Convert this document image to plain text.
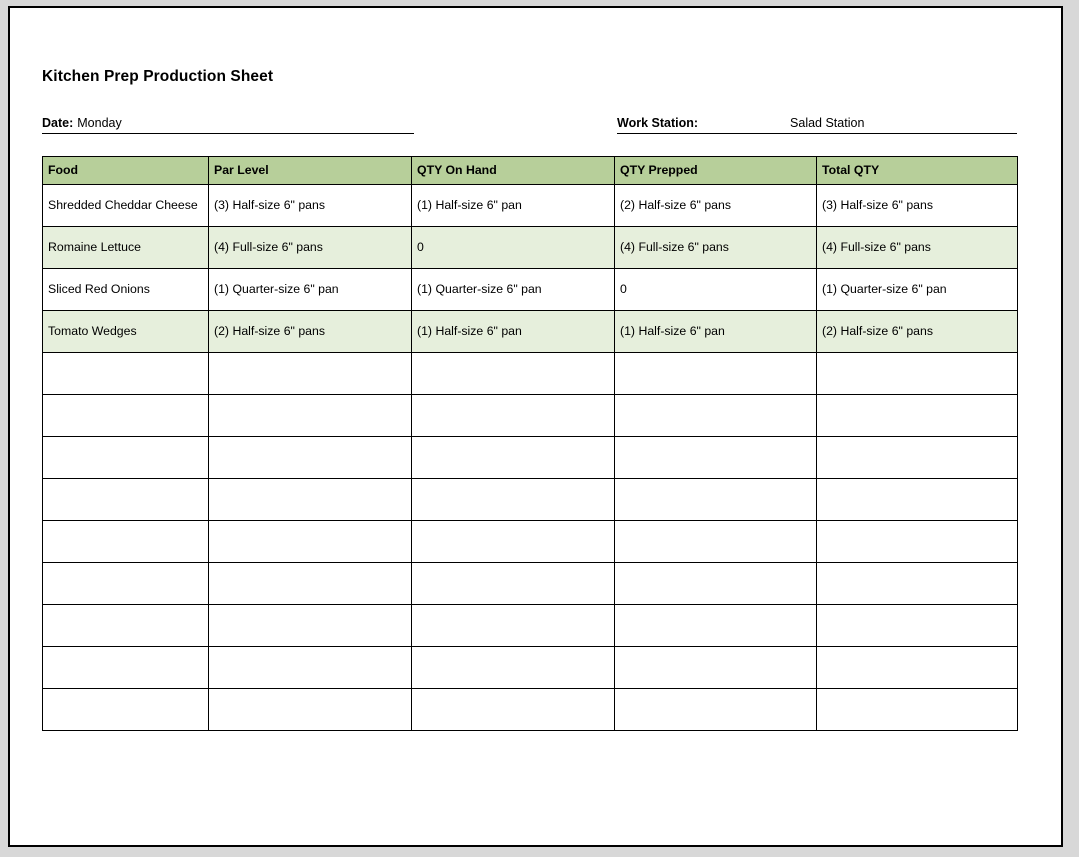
Kitchen Prep Production Sheet
Date: Monday	Work Station:	Salad Station
Food	Par Level	QTY On Hand	QTY Prepped	Total QTY
Shredded Cheddar Cheese	(3) Half-size 6" pans	(1) Half-size 6" pan	(2) Half-size 6" pans	(3) Half-size 6" pans
Romaine Lettuce	(4) Full-size 6" pans	0	(4) Full-size 6" pans	(4) Full-size 6" pans
Sliced Red Onions	(1) Quarter-size 6" pan	(1) Quarter-size 6" pan	0	(1) Quarter-size 6" pan
Tomato Wedges	(2) Half-size 6" pans	(1) Half-size 6" pan	(1) Half-size 6" pan	(2) Half-size 6" pans
